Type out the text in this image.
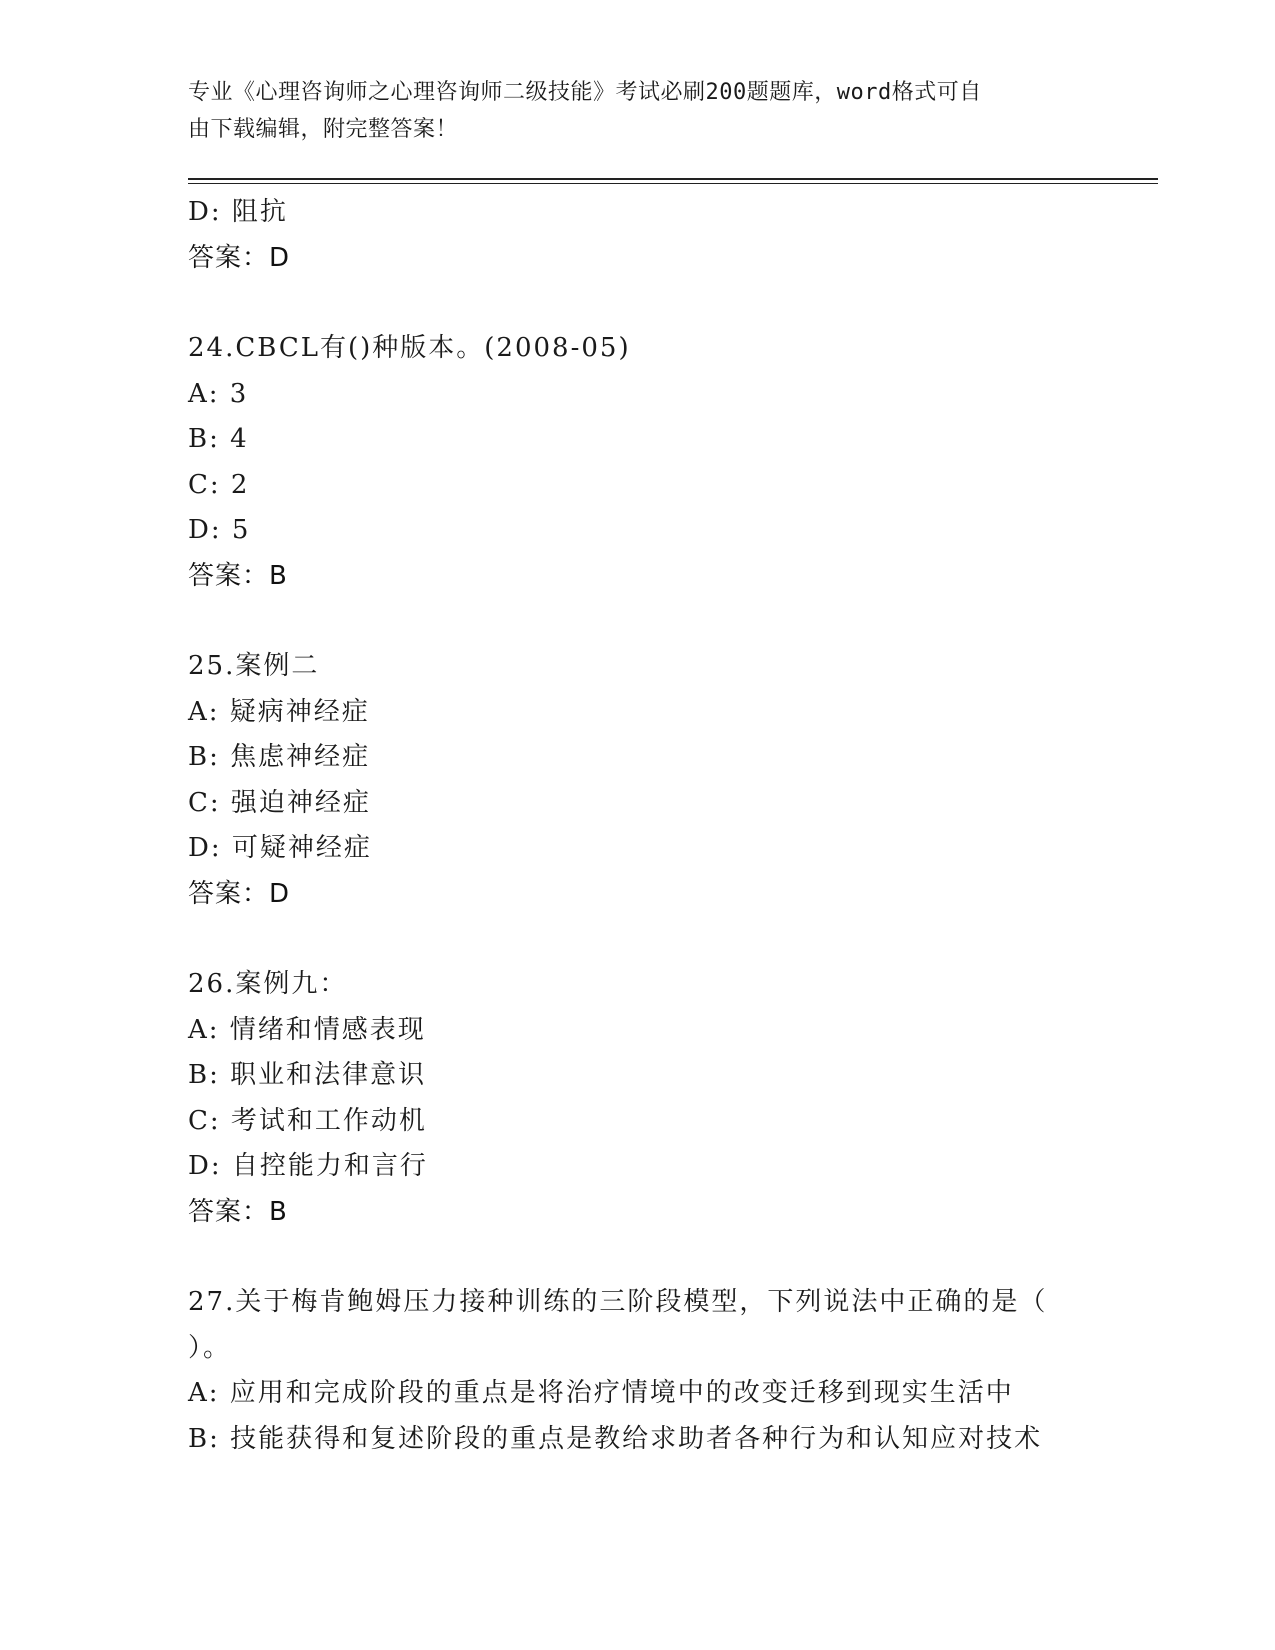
专业《心理咨询师之心理咨询师二级技能》考试必刷200题题库，word格式可自
由下载编辑，附完整答案！
D: 阻抗
答案：D
24.CBCL有()种版本。(2008-05)
A: 3
B: 4
C: 2
D: 5
答案：B
25.案例二
A: 疑病神经症
B: 焦虑神经症
C: 强迫神经症
D: 可疑神经症
答案：D
26.案例九：
A: 情绪和情感表现
B: 职业和法律意识
C: 考试和工作动机
D: 自控能力和言行
答案：B
27.关于梅肯鲍姆压力接种训练的三阶段模型，下列说法中正确的是（
）。
A: 应用和完成阶段的重点是将治疗情境中的改变迁移到现实生活中
B: 技能获得和复述阶段的重点是教给求助者各种行为和认知应对技术
